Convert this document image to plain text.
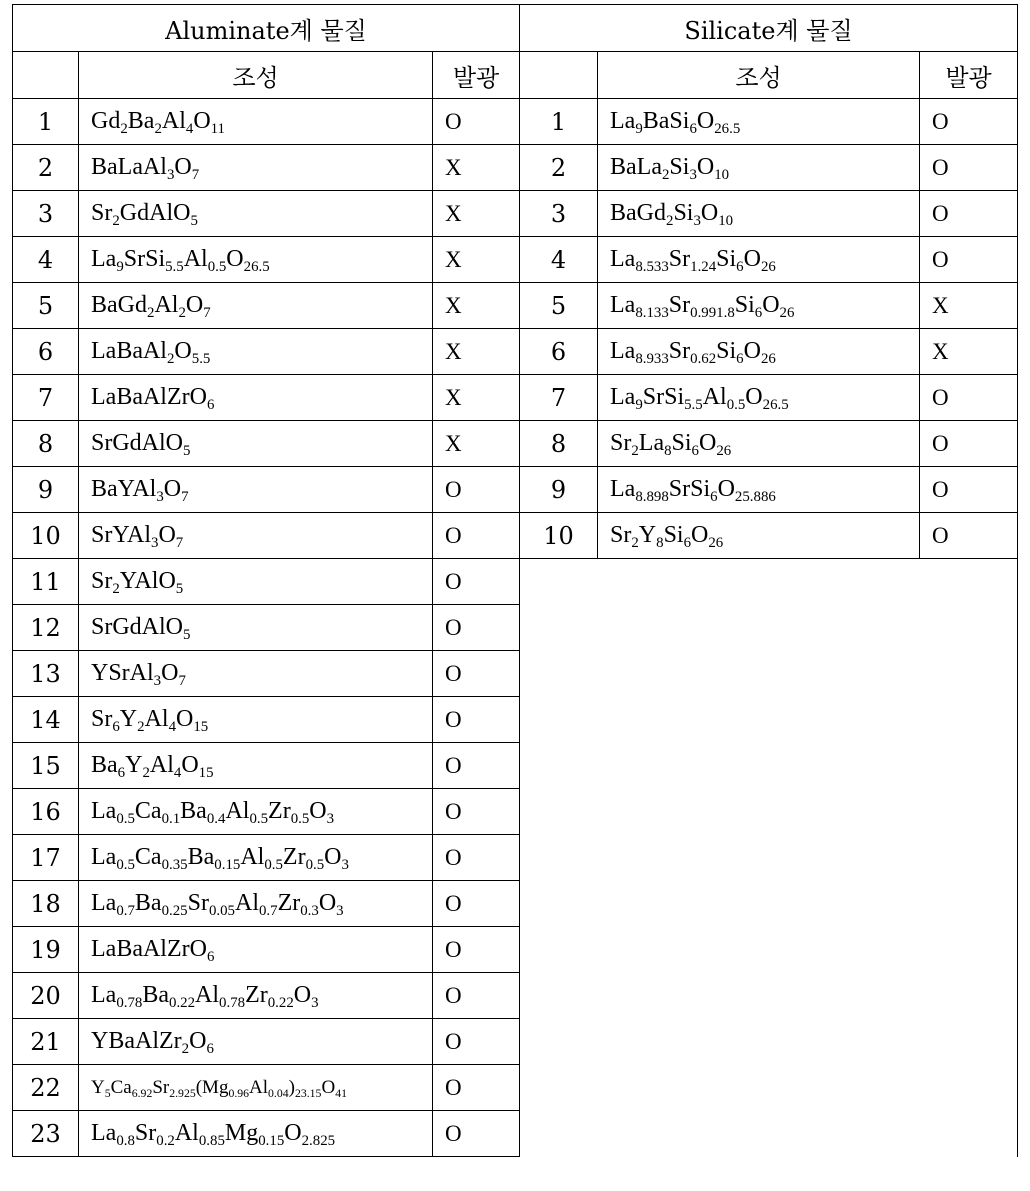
Aluminate계 물질			Silicate계 물질		
	조성	발광		조성	발광
1	$Gd_2Ba_2Al_4O_{11}$	O	1	$La_9BaSi_6O_{26.5}$	O
2	$BaLaAl_3O_7$	X	2	$BaLa_2Si_3O_{10}$	O
3	$Sr_2GdAlO_5$	X	3	$BaGd_2Si_3O_{10}$	O
4	$La_9SrSi_{5.5}Al_{0.5}O_{26.5}$	X	4	$La_{8.533}Sr_{1.24}Si_6O_{26}$	O
5	$BaGd_2Al_2O_7$	X	5	$La_{8.133}Sr_{0.991.8}Si_6O_{26}$	X
6	$LaBaAl_2O_{5.5}$	X	6	$La_{8.933}Sr_{0.62}Si_6O_{26}$	X
7	LaBaAlZrO$_6$	X	7	$La_9SrSi_{5.5}Al_{0.5}O_{26.5}$	O
8	SrGdAlO$_5$	X	8	$Sr_2La_8Si_6O_{26}$	O
9	$BaYAl_3O_7$	O	9	$La_{8.898}SrSi_6O_{25.886}$	O
10	$SrYAl_3O_7$	O	10	$Sr_2Y_8Si_6O_{26}$	O
11	$Sr_2YAlO_5$	O			
12	SrGdAlO$_5$	O			
13	$YSrAl_3O_7$	O			
14	$Sr_6Y_2Al_4O_{15}$	O			
15	$Ba_6Y_2Al_4O_{15}$	O			
16	$La_{0.5}Ca_{0.1}Ba_{0.4}Al_{0.5}Zr_{0.5}O_3$	O			
17	$La_{0.5}Ca_{0.35}Ba_{0.15}Al_{0.5}Zr_{0.5}O_3$	O			
18	$La_{0.7}Ba_{0.25}Sr_{0.05}Al_{0.7}Zr_{0.3}O_3$	O			
19	LaBaAlZrO$_6$	O			
20	$La_{0.78}Ba_{0.22}Al_{0.78}Zr_{0.22}O_3$	O			
21	$YBaAlZr_2O_6$	O			
22	$Y_5Ca_{6.92}Sr_{2.925}(Mg_{0.96}Al_{0.04})_{23.15}O_{41}$	O			
23	$La_{0.8}Sr_{0.2}Al_{0.85}Mg_{0.15}O_{2.825}$	O			
